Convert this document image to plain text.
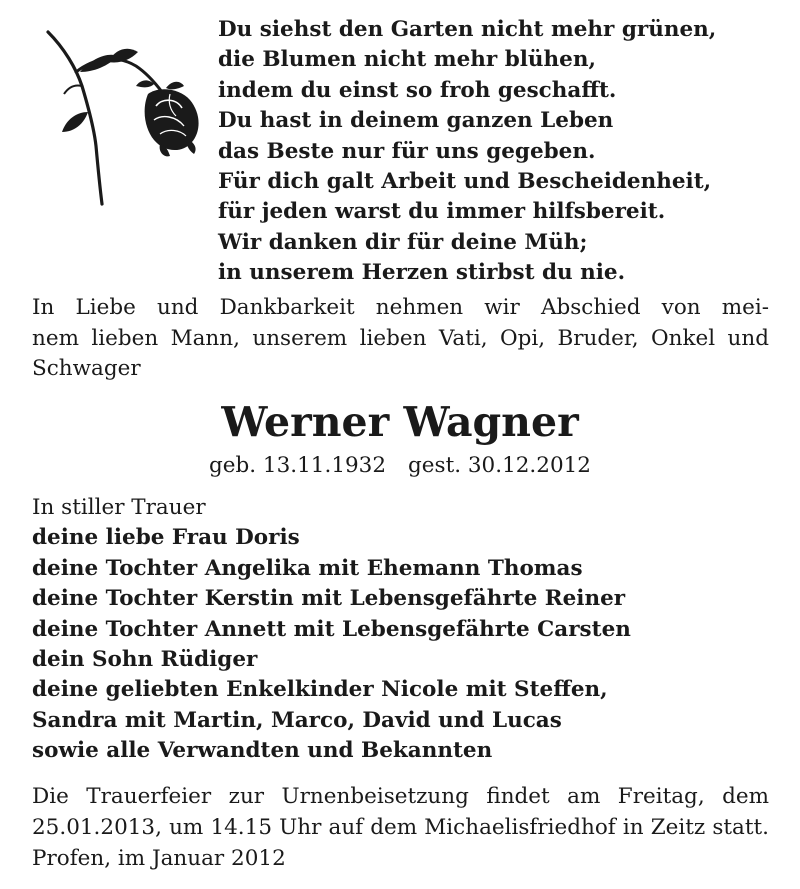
Du siehst den Garten nicht mehr grünen,
die Blumen nicht mehr blühen,
indem du einst so froh geschafft.
Du hast in deinem ganzen Leben
das Beste nur für uns gegeben.
Für dich galt Arbeit und Bescheidenheit,
für jeden warst du immer hilfsbereit.
Wir danken dir für deine Müh;
in unserem Herzen stirbst du nie.
In Liebe und Dankbarkeit nehmen wir Abschied von mei-
nem lieben Mann, unserem lieben Vati, Opi, Bruder, Onkel und
Schwager
Werner Wagner
geb. 13.11.1932 gest. 30.12.2012
In stiller Trauer
deine liebe Frau Doris
deine Tochter Angelika mit Ehemann Thomas
deine Tochter Kerstin mit Lebensgefährte Reiner
deine Tochter Annett mit Lebensgefährte Carsten
dein Sohn Rüdiger
deine geliebten Enkelkinder Nicole mit Steffen,
Sandra mit Martin, Marco, David und Lucas
sowie alle Verwandten und Bekannten
Die Trauerfeier zur Urnenbeisetzung findet am Freitag, dem
25.01.2013, um 14.15 Uhr auf dem Michaelisfriedhof in Zeitz statt.
Profen, im Januar 2012
